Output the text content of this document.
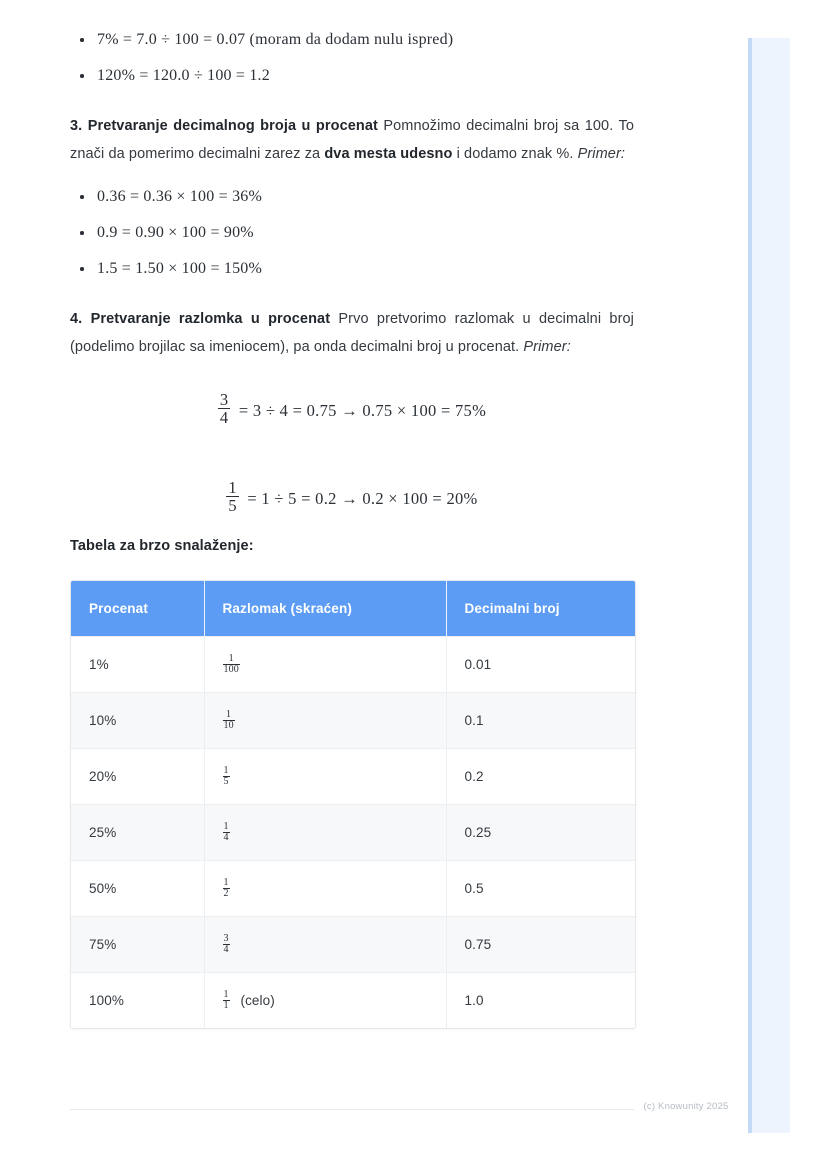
7% = 7.0 ÷ 100 = 0.07 (moram da dodam nulu ispred)
120% = 120.0 ÷ 100 = 1.2

3. Pretvaranje decimalnog broja u procenat Pomnožimo decimalni broj sa 100. To znači da pomerimo decimalni zarez za dva mesta udesno i dodamo znak %. Primer:

0.36 = 0.36 × 100 = 36%
0.9 = 0.90 × 100 = 90%
1.5 = 1.50 × 100 = 150%

4. Pretvaranje razlomka u procenat Prvo pretvorimo razlomak u decimalni broj (podelimo brojilac sa imeniocem), pa onda decimalni broj u procenat. Primer:

$\frac{3}{4} = 3 \div 4 = 0.75 \to 0.75 \times 100 = 75\%$
$\frac{1}{5} = 1 \div 5 = 0.2 \to 0.2 \times 100 = 20\%$

Tabela za brzo snalaženje:

Procenat	Razlomak (skraćen)	Decimalni broj
1%	$\frac{1}{100}$	0.01
10%	$\frac{1}{10}$	0.1
20%	$\frac{1}{5}$	0.2
25%	$\frac{1}{4}$	0.25
50%	$\frac{1}{2}$	0.5
75%	$\frac{3}{4}$	0.75
100%	$\frac{1}{1}$ (celo)	1.0
(c) Knowunity 2025
